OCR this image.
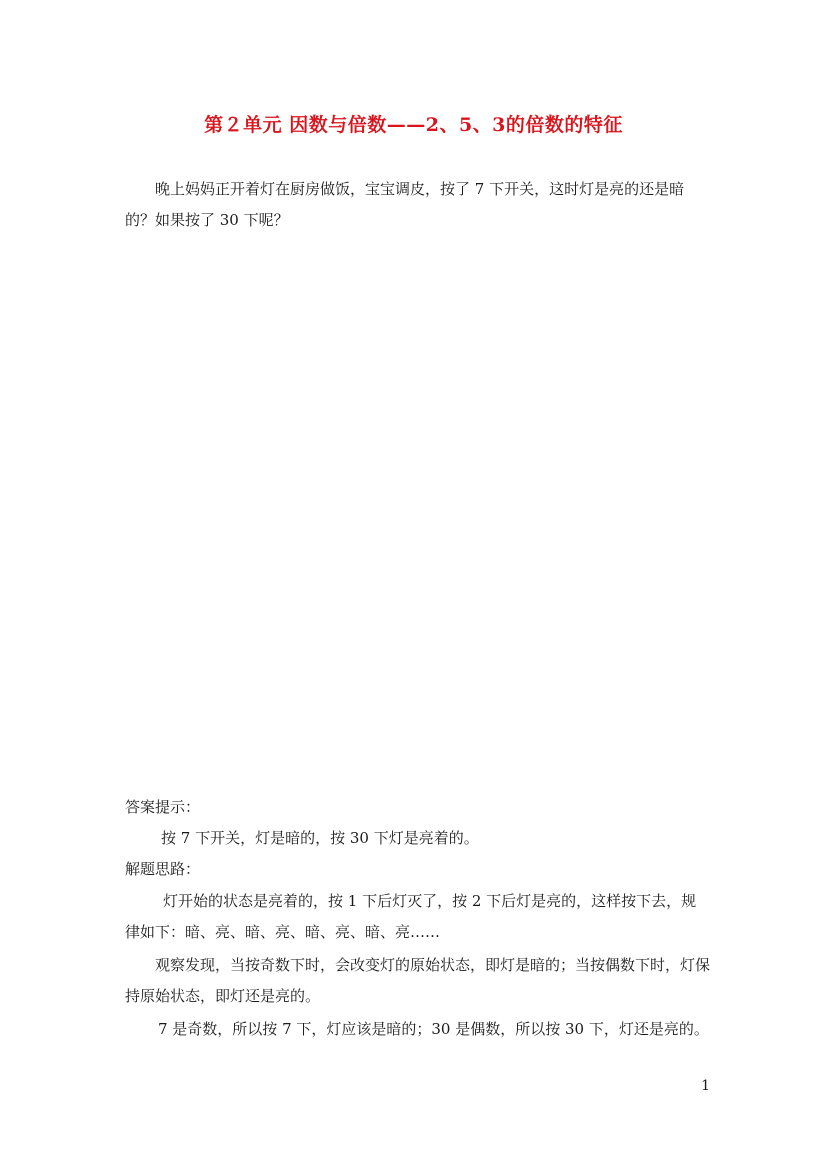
第２单元 因数与倍数——2、5、3的倍数的特征

晚上妈妈正开着灯在厨房做饭，宝宝调皮，按了 7 下开关，这时灯是亮的还是暗的？如果按了 30 下呢？

答案提示：

按 7 下开关，灯是暗的，按 30 下灯是亮着的。

解题思路：

灯开始的状态是亮着的，按 1 下后灯灭了，按 2 下后灯是亮的，这样按下去，规律如下：暗、亮、暗、亮、暗、亮、暗、亮……

观察发现，当按奇数下时，会改变灯的原始状态，即灯是暗的；当按偶数下时，灯保持原始状态，即灯还是亮的。

7 是奇数，所以按 7 下，灯应该是暗的；30 是偶数，所以按 30 下，灯还是亮的。

1
